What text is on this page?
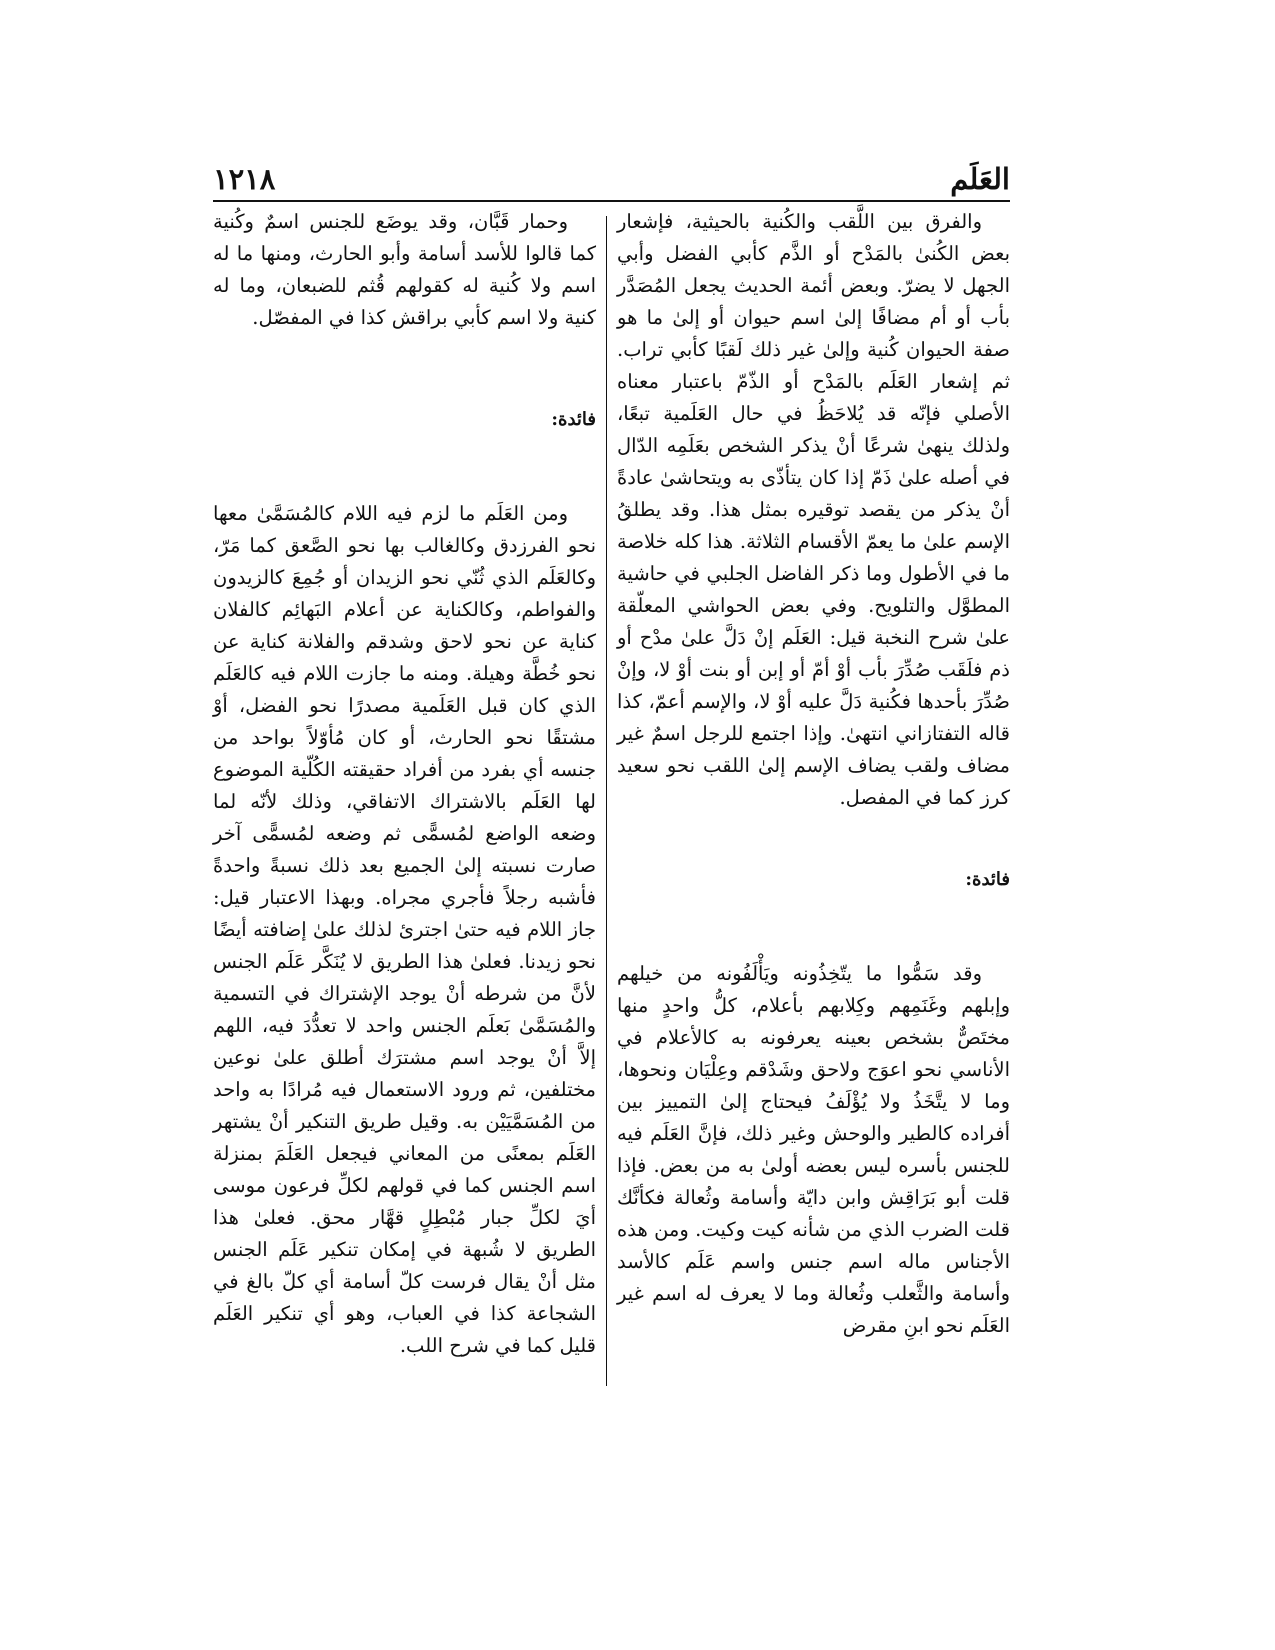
١٢١٨	العَلَم

والفرق بين اللَّقب والكُنية بالحيثية، فإشعار بعض الكُنىٰ بالمَدْح أو الذَّم كأبي الفضل وأبي الجهل لا يضرّ. وبعض أئمة الحديث يجعل المُصَدَّر بأب أو أم مضافًا إلىٰ اسم حيوان أو إلىٰ ما هو صفة الحيوان كُنية وإلىٰ غير ذلك لَقبًا كأبي تراب. ثم إشعار العَلَم بالمَدْح أو الذّمّ باعتبار معناه الأصلي فإنّه قد يُلاحَظُ في حال العَلَمية تبعًا، ولذلك ينهىٰ شرعًا أنْ يذكر الشخص بعَلَمِه الدّال في أصله علىٰ ذَمّ إذا كان يتأذّى به ويتحاشىٰ عادةً أنْ يذكر من يقصد توقيره بمثل هذا. وقد يطلقُ الإسم علىٰ ما يعمّ الأقسام الثلاثة. هذا كله خلاصة ما في الأطول وما ذكر الفاضل الجلبي في حاشية المطوَّل والتلويح. وفي بعض الحواشي المعلّقة علىٰ شرح النخبة قيل: العَلَم إنْ دَلَّ علىٰ مدْح أو ذم فلَقَب صُدِّرَ بأب أوْ أمّ أو إبن أو بنت أوْ لا، وإنْ صُدِّرَ بأحدها فكُنية دَلَّ عليه أوْ لا، والإسم أعمّ، كذا قاله التفتازاني انتهىٰ. وإذا اجتمع للرجل اسمٌ غير مضاف ولقب يضاف الإسم إلىٰ اللقب نحو سعيد كرز كما في المفصل.

فائدة:

وقد سَمُّوا ما يتّخِذُونه ويَأْلَفُونه من خيلهم وإبلهم وغَنَمِهم وكِلابهم بأعلام، كلُّ واحدٍ منها مختَصٌّ بشخص بعينه يعرفونه به كالأعلام في الأناسي نحو اعوَج ولاحق وشَدْقم وعِلْيَان ونحوها، وما لا يتَّخَذُ ولا يُؤْلَفُ فيحتاج إلىٰ التمييز بين أفراده كالطير والوحش وغير ذلك، فإنَّ العَلَم فيه للجنس بأسره ليس بعضه أولىٰ به من بعض. فإذا قلت أبو بَرَاقِش وابن دايّة وأسامة وثُعالة فكأنَّك قلت الضرب الذي من شأنه كيت وكيت. ومن هذه الأجناس ماله اسم جنس واسم عَلَم كالأسد وأسامة والثَّعلب وثُعالة وما لا يعرف له اسم غير العَلَم نحو ابنِ مقرض

وحمار قَبَّان، وقد يوضَع للجنس اسمٌ وكُنية كما قالوا للأسد أسامة وأبو الحارث، ومنها ما له اسم ولا كُنية له كقولهم قُثم للضبعان، وما له كنية ولا اسم كأبي براقش كذا في المفصّل.

فائدة:

ومن العَلَم ما لزم فيه اللام كالمُسَمَّىٰ معها نحو الفرزدق وكالغالب بها نحو الصَّعق كما مَرّ، وكالعَلَم الذي ثُنّي نحو الزيدان أو جُمِعَ كالزيدون والفواطم، وكالكناية عن أعلام البَهائِم كالفلان كناية عن نحو لاحق وشدقم والفلانة كناية عن نحو خُطَّة وهيلة. ومنه ما جازت اللام فيه كالعَلَم الذي كان قبل العَلَمية مصدرًا نحو الفضل، أوْ مشتقًا نحو الحارث، أو كان مُأوّلاً بواحد من جنسه أي بفرد من أفراد حقيقته الكُلّية الموضوع لها العَلَم بالاشتراك الاتفاقي، وذلك لأنّه لما وضعه الواضع لمُسمًّى ثم وضعه لمُسمًّى آخر صارت نسبته إلىٰ الجميع بعد ذلك نسبةً واحدةً فأشبه رجلاً فأجري مجراه. وبهذا الاعتبار قيل: جاز اللام فيه حتىٰ اجترئ لذلك علىٰ إضافته أيضًا نحو زيدنا. فعلىٰ هذا الطريق لا يُنَكَّر عَلَم الجنس لأنَّ من شرطه أنْ يوجد الإشتراك في التسمية والمُسَمَّىٰ بَعلَم الجنس واحد لا تعدُّدَ فيه، اللهم إلاَّ أنْ يوجد اسم مشترَك أطلق علىٰ نوعين مختلفين، ثم ورود الاستعمال فيه مُرادًا به واحد من المُسَمَّيَيْن به. وقيل طريق التنكير أنْ يشتهر العَلَم بمعنًى من المعاني فيجعل العَلَمَ بمنزلة اسم الجنس كما في قولهم لكلِّ فرعون موسى أيَ لكلِّ جبار مُبْطِلٍ قهَّار محق. فعلىٰ هذا الطريق لا شُبهة في إمكان تنكير عَلَم الجنس مثل أنْ يقال فرست كلّ أسامة أي كلّ بالغ في الشجاعة كذا في العباب، وهو أي تنكير العَلَم قليل كما في شرح اللب.
